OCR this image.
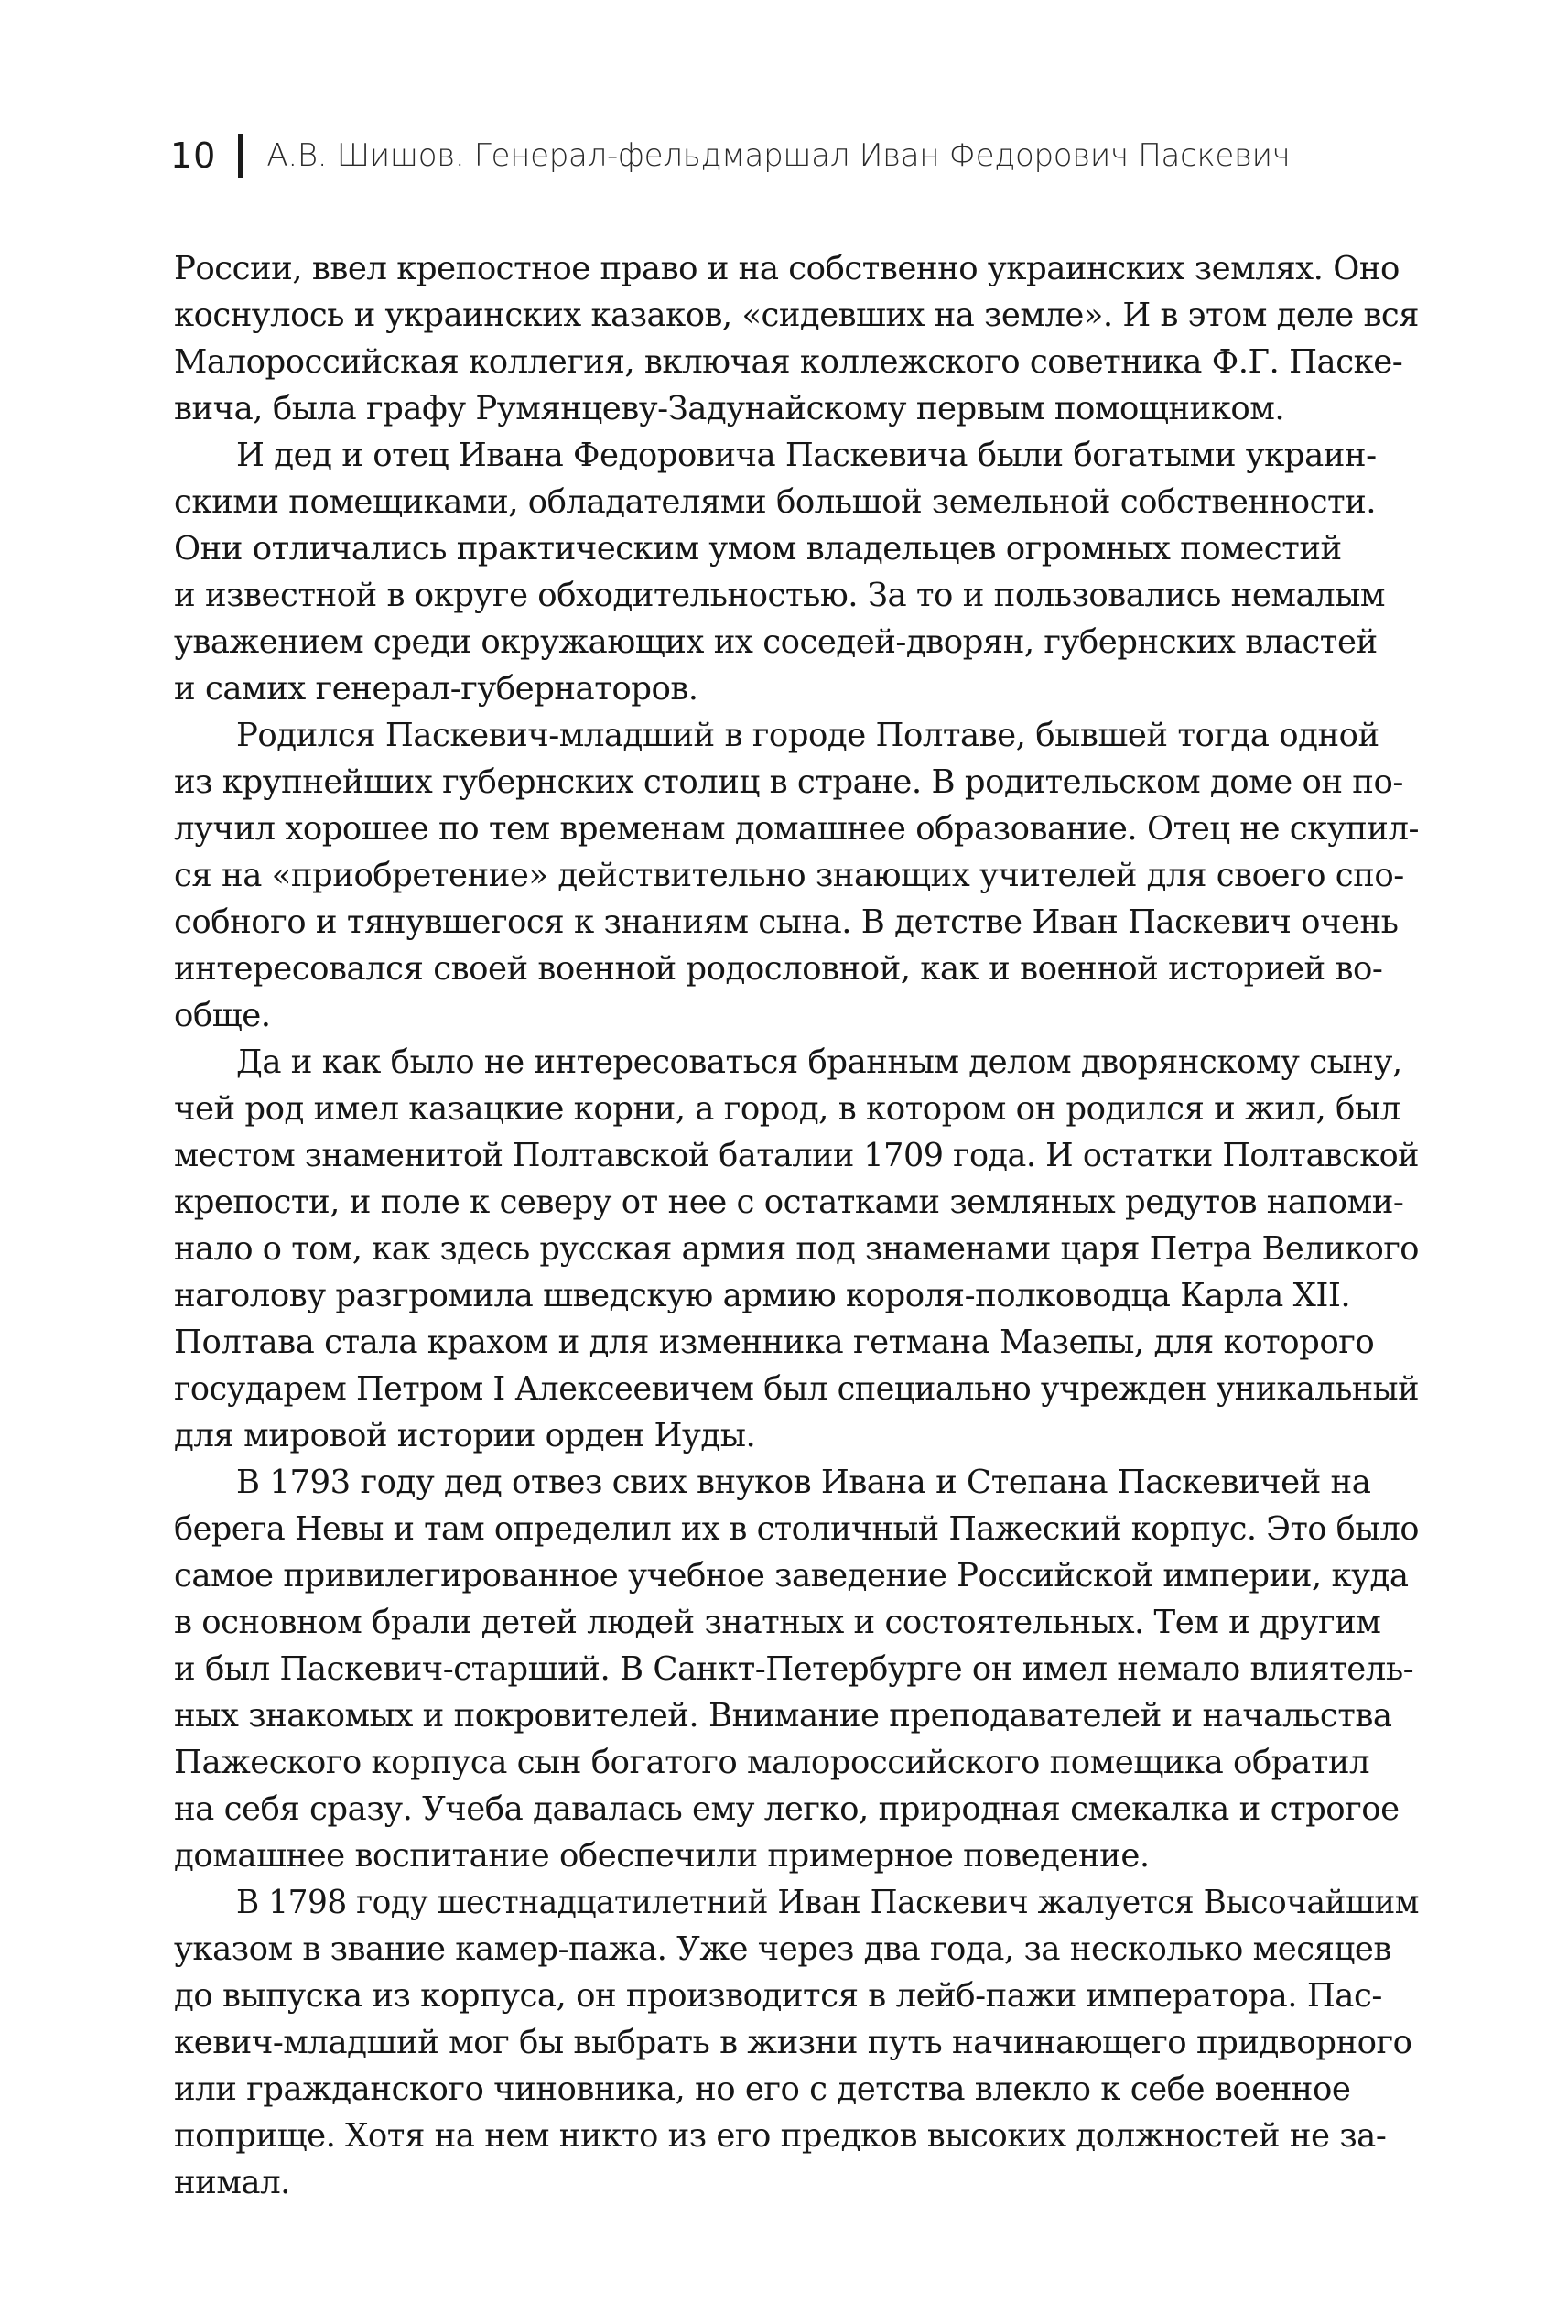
10 А.В. Шишов. Генерал-фельдмаршал Иван Федорович Паскевич
России, ввел крепостное право и на собственно украинских землях. Оно
коснулось и украинских казаков, «сидевших на земле». И в этом деле вся
Малороссийская коллегия, включая коллежского советника Ф.Г. Паске-
вича, была графу Румянцеву-Задунайскому первым помощником.
И дед и отец Ивана Федоровича Паскевича были богатыми украин-
скими помещиками, обладателями большой земельной собственности.
Они отличались практическим умом владельцев огромных поместий
и известной в округе обходительностью. За то и пользовались немалым
уважением среди окружающих их соседей-дворян, губернских властей
и самих генерал-губернаторов.
Родился Паскевич-младший в городе Полтаве, бывшей тогда одной
из крупнейших губернских столиц в стране. В родительском доме он по-
лучил хорошее по тем временам домашнее образование. Отец не скупил-
ся на «приобретение» действительно знающих учителей для своего спо-
собного и тянувшегося к знаниям сына. В детстве Иван Паскевич очень
интересовался своей военной родословной, как и военной историей во-
обще.
Да и как было не интересоваться бранным делом дворянскому сыну,
чей род имел казацкие корни, а город, в котором он родился и жил, был
местом знаменитой Полтавской баталии 1709 года. И остатки Полтавской
крепости, и поле к северу от нее с остатками земляных редутов напоми-
нало о том, как здесь русская армия под знаменами царя Петра Великого
наголову разгромила шведскую армию короля-полководца Карла XII.
Полтава стала крахом и для изменника гетмана Мазепы, для которого
государем Петром I Алексеевичем был специально учрежден уникальный
для мировой истории орден Иуды.
В 1793 году дед отвез свих внуков Ивана и Степана Паскевичей на
берега Невы и там определил их в столичный Пажеский корпус. Это было
самое привилегированное учебное заведение Российской империи, куда
в основном брали детей людей знатных и состоятельных. Тем и другим
и был Паскевич-старший. В Санкт-Петербурге он имел немало влиятель-
ных знакомых и покровителей. Внимание преподавателей и начальства
Пажеского корпуса сын богатого малороссийского помещика обратил
на себя сразу. Учеба давалась ему легко, природная смекалка и строгое
домашнее воспитание обеспечили примерное поведение.
В 1798 году шестнадцатилетний Иван Паскевич жалуется Высочайшим
указом в звание камер-пажа. Уже через два года, за несколько месяцев
до выпуска из корпуса, он производится в лейб-пажи императора. Пас-
кевич-младший мог бы выбрать в жизни путь начинающего придворного
или гражданского чиновника, но его с детства влекло к себе военное
поприще. Хотя на нем никто из его предков высоких должностей не за-
нимал.
